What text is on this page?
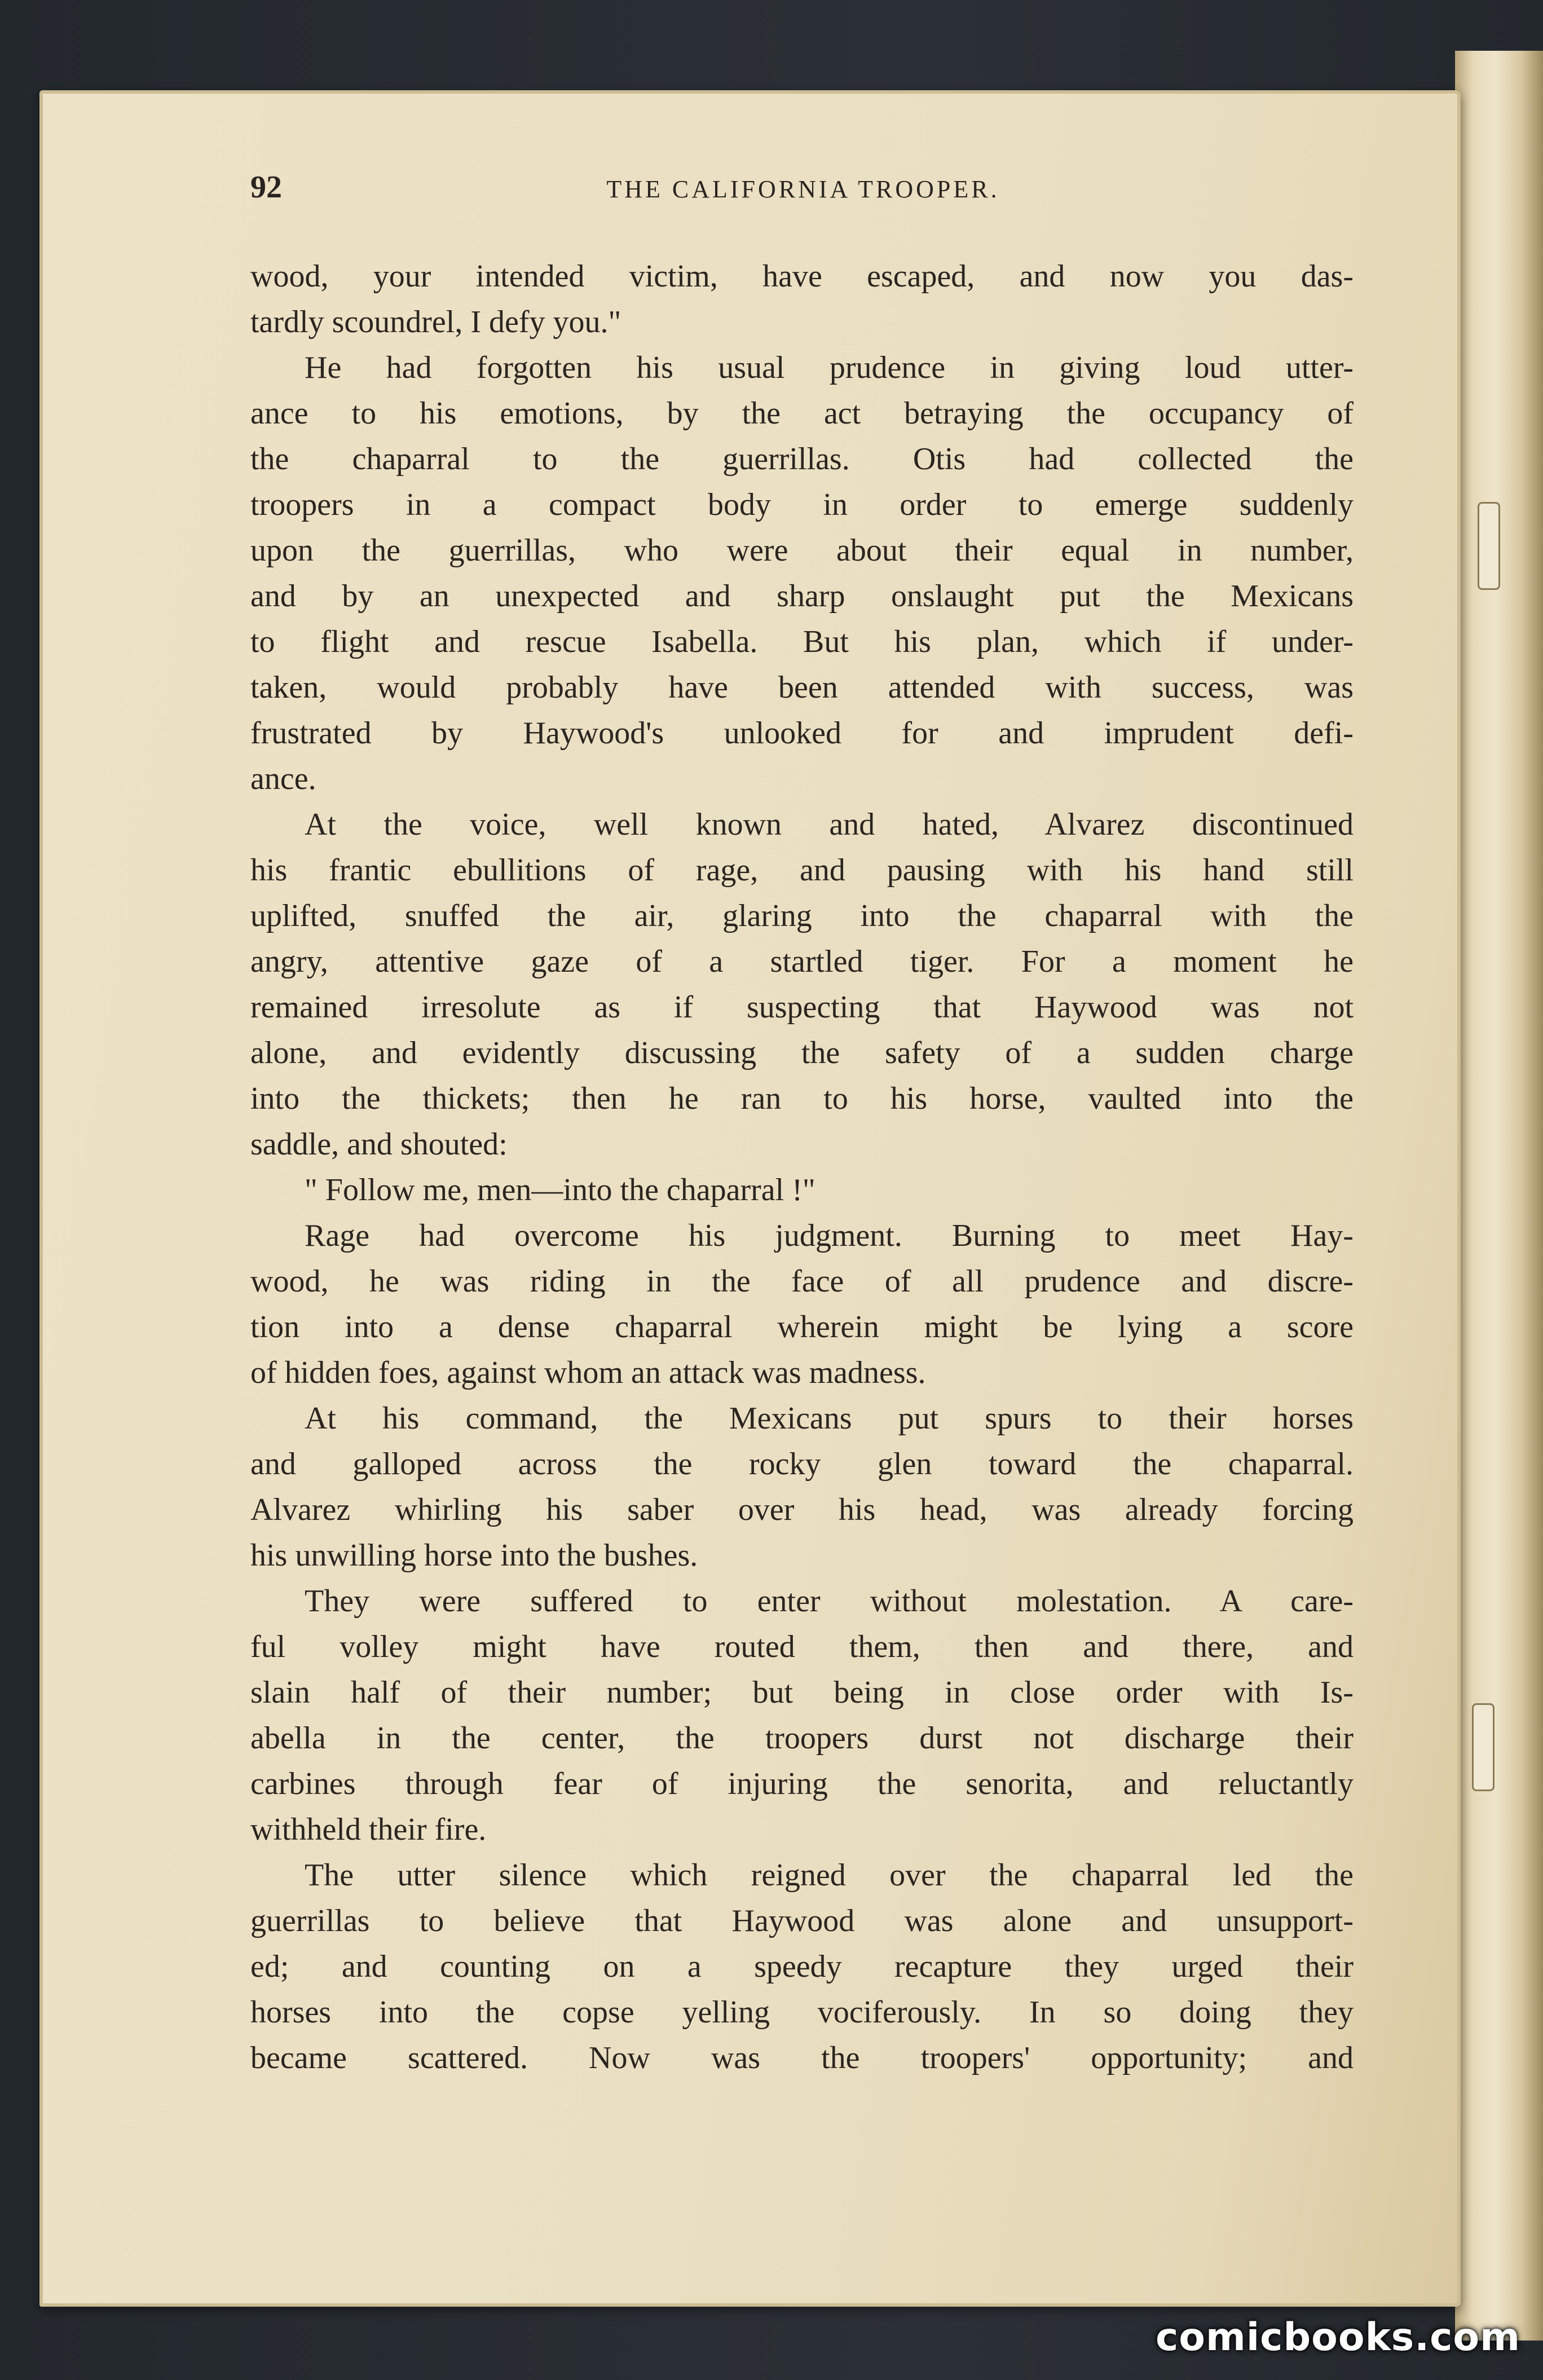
92	THE CALIFORNIA TROOPER.
wood, your intended victim, have escaped, and now you das-
tardly scoundrel, I defy you."
He had forgotten his usual prudence in giving loud utter-
ance to his emotions, by the act betraying the occupancy of
the chaparral to the guerrillas. Otis had collected the
troopers in a compact body in order to emerge suddenly
upon the guerrillas, who were about their equal in number,
and by an unexpected and sharp onslaught put the Mexicans
to flight and rescue Isabella. But his plan, which if under-
taken, would probably have been attended with success, was
frustrated by Haywood's unlooked for and imprudent defi-
ance.
At the voice, well known and hated, Alvarez discontinued
his frantic ebullitions of rage, and pausing with his hand still
uplifted, snuffed the air, glaring into the chaparral with the
angry, attentive gaze of a startled tiger. For a moment he
remained irresolute as if suspecting that Haywood was not
alone, and evidently discussing the safety of a sudden charge
into the thickets; then he ran to his horse, vaulted into the
saddle, and shouted:
" Follow me, men—into the chaparral !"
Rage had overcome his judgment. Burning to meet Hay-
wood, he was riding in the face of all prudence and discre-
tion into a dense chaparral wherein might be lying a score
of hidden foes, against whom an attack was madness.
At his command, the Mexicans put spurs to their horses
and galloped across the rocky glen toward the chaparral.
Alvarez whirling his saber over his head, was already forcing
his unwilling horse into the bushes.
They were suffered to enter without molestation. A care-
ful volley might have routed them, then and there, and
slain half of their number; but being in close order with Is-
abella in the center, the troopers durst not discharge their
carbines through fear of injuring the senorita, and reluctantly
withheld their fire.
The utter silence which reigned over the chaparral led the
guerrillas to believe that Haywood was alone and unsupport-
ed; and counting on a speedy recapture they urged their
horses into the copse yelling vociferously. In so doing they
became scattered. Now was the troopers' opportunity; and
comicbooks.com
